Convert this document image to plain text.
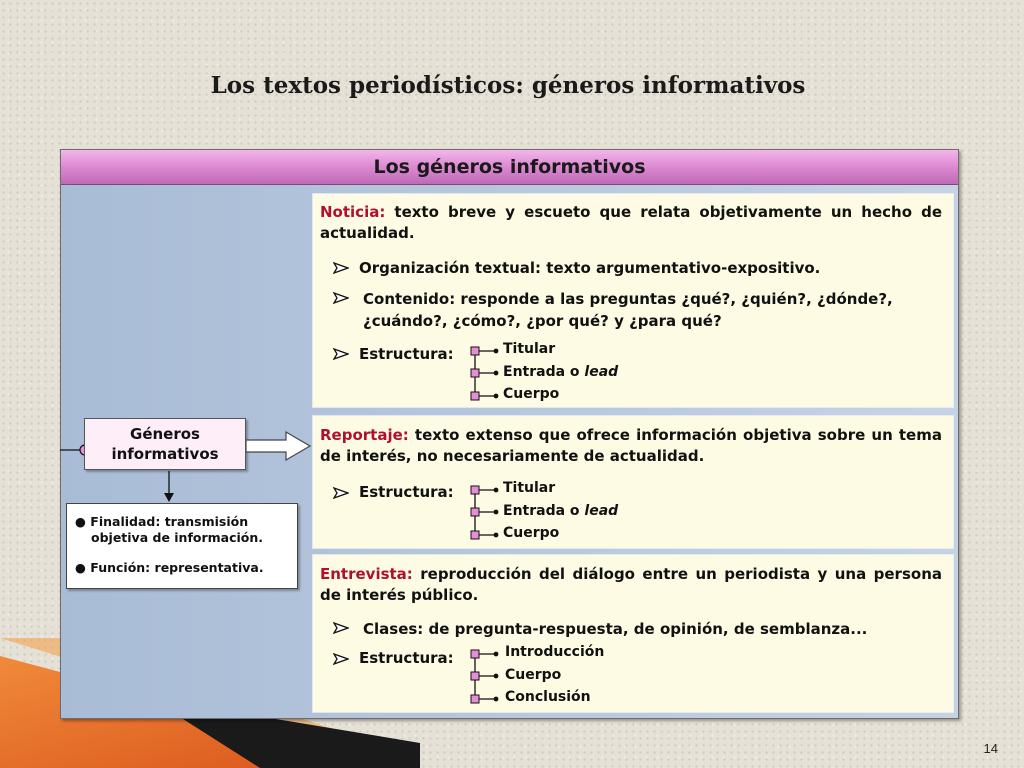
Los textos periodísticos: géneros informativos
Los géneros informativos
Noticia: texto breve y escueto que relata objetivamente un hecho de actualidad.
Organización textual: texto argumentativo-expositivo.
Contenido: responde a las preguntas ¿qué?, ¿quién?, ¿dónde?,
¿cuándo?, ¿cómo?, ¿por qué? y ¿para qué?
Estructura:	Titular
Entrada o lead
Cuerpo
Reportaje: texto extenso que ofrece información objetiva sobre un tema de interés, no necesariamente de actualidad.
Estructura:	Titular
Entrada o lead
Cuerpo
Entrevista: reproducción del diálogo entre un periodista y una persona de interés público.
Clases: de pregunta-respuesta, de opinión, de semblanza...
Estructura:	Introducción
Cuerpo
Conclusión
Géneros
informativos
● Finalidad: transmisión
objetiva de información.
● Función: representativa.
14
